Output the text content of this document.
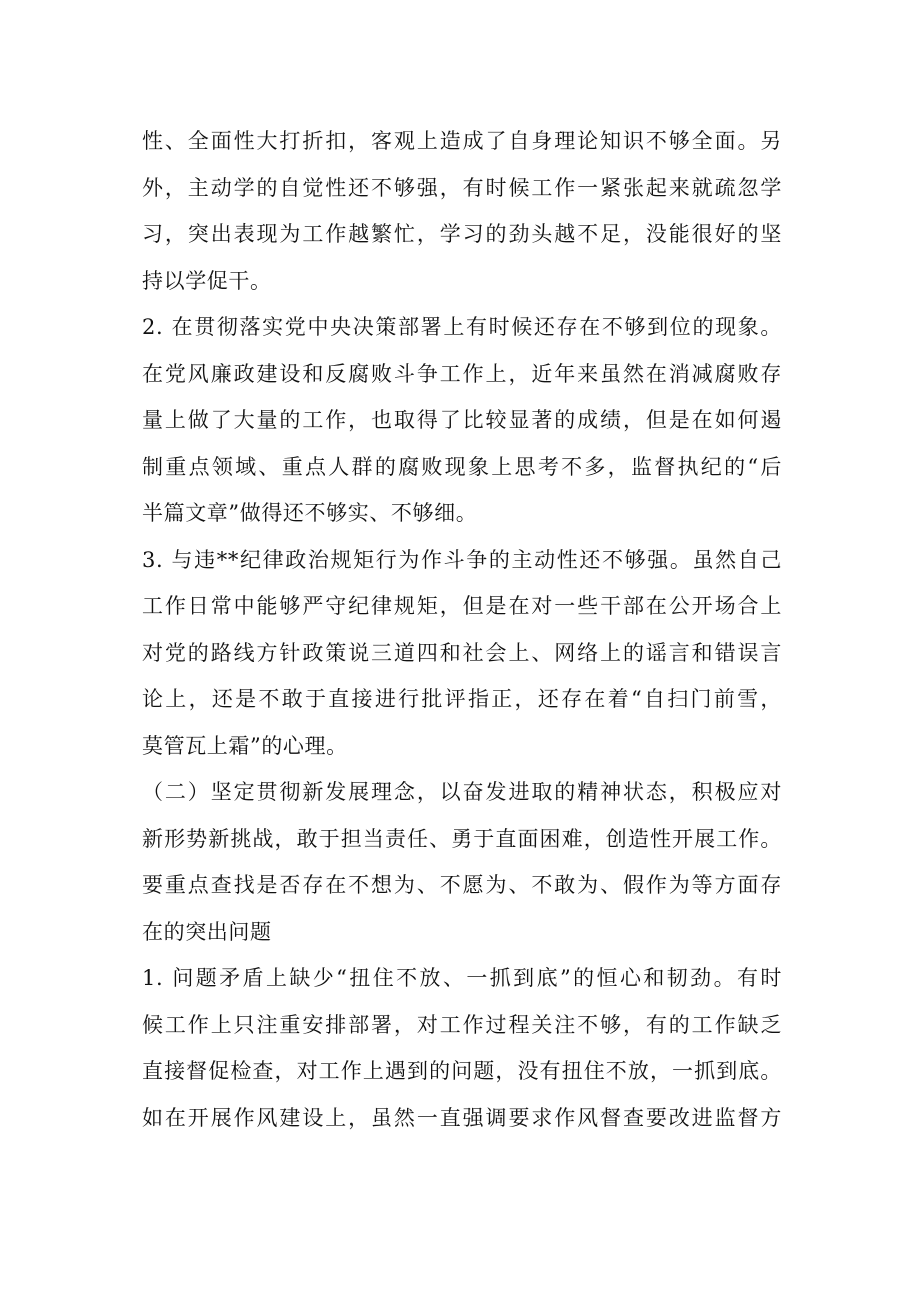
性、全面性大打折扣，客观上造成了自身理论知识不够全面。另
外，主动学的自觉性还不够强，有时候工作一紧张起来就疏忽学
习，突出表现为工作越繁忙，学习的劲头越不足，没能很好的坚
持以学促干。
2. 在贯彻落实党中央决策部署上有时候还存在不够到位的现象。
在党风廉政建设和反腐败斗争工作上，近年来虽然在消减腐败存
量上做了大量的工作，也取得了比较显著的成绩，但是在如何遏
制重点领域、重点人群的腐败现象上思考不多，监督执纪的“后
半篇文章”做得还不够实、不够细。
3. 与违**纪律政治规矩行为作斗争的主动性还不够强。虽然自己
工作日常中能够严守纪律规矩，但是在对一些干部在公开场合上
对党的路线方针政策说三道四和社会上、网络上的谣言和错误言
论上，还是不敢于直接进行批评指正，还存在着“自扫门前雪，
莫管瓦上霜”的心理。
（二）坚定贯彻新发展理念，以奋发进取的精神状态，积极应对
新形势新挑战，敢于担当责任、勇于直面困难，创造性开展工作。
要重点查找是否存在不想为、不愿为、不敢为、假作为等方面存
在的突出问题
1. 问题矛盾上缺少“扭住不放、一抓到底”的恒心和韧劲。有时
候工作上只注重安排部署，对工作过程关注不够，有的工作缺乏
直接督促检查，对工作上遇到的问题，没有扭住不放，一抓到底。
如在开展作风建设上，虽然一直强调要求作风督查要改进监督方
